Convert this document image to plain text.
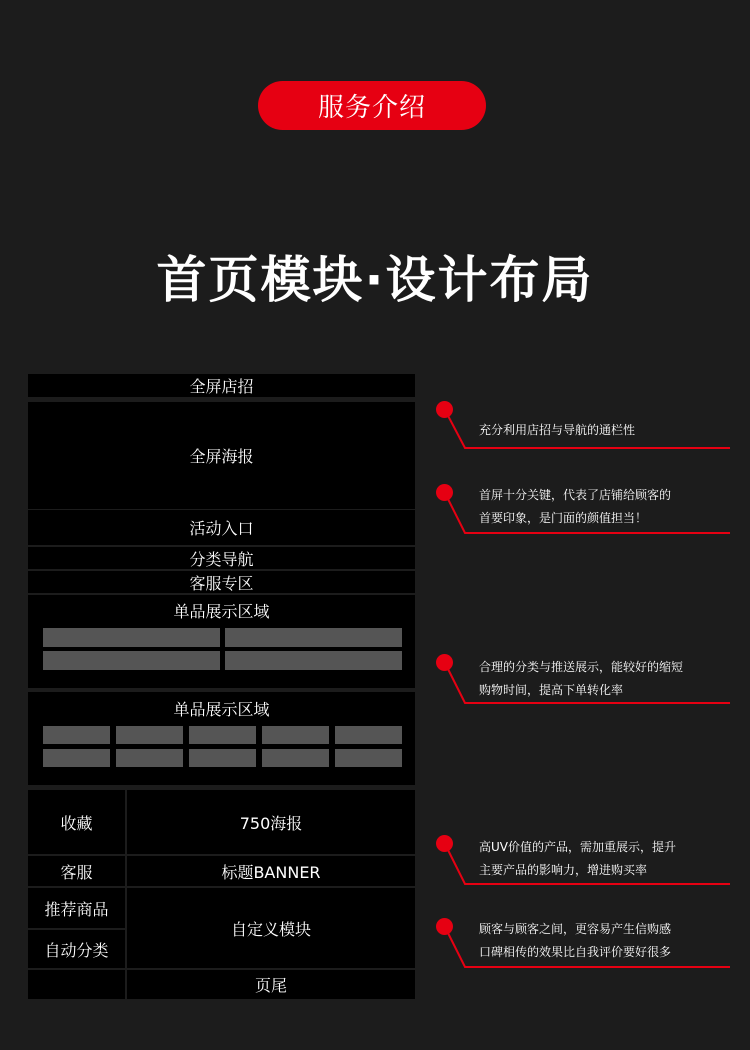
服务介绍
首页模块·设计布局
全屏店招
全屏海报
活动入口
分类导航
客服专区
单品展示区域
单品展示区域
收藏	750海报
客服	标题BANNER
推荐商品
自动分类
自定义模块
页尾
充分利用店招与导航的通栏性
首屏十分关键，代表了店铺给顾客的
首要印象，是门面的颜值担当！
合理的分类与推送展示，能较好的缩短
购物时间，提高下单转化率
高UV价值的产品，需加重展示，提升
主要产品的影响力，增进购买率
顾客与顾客之间，更容易产生信购感
口碑相传的效果比自我评价要好很多
